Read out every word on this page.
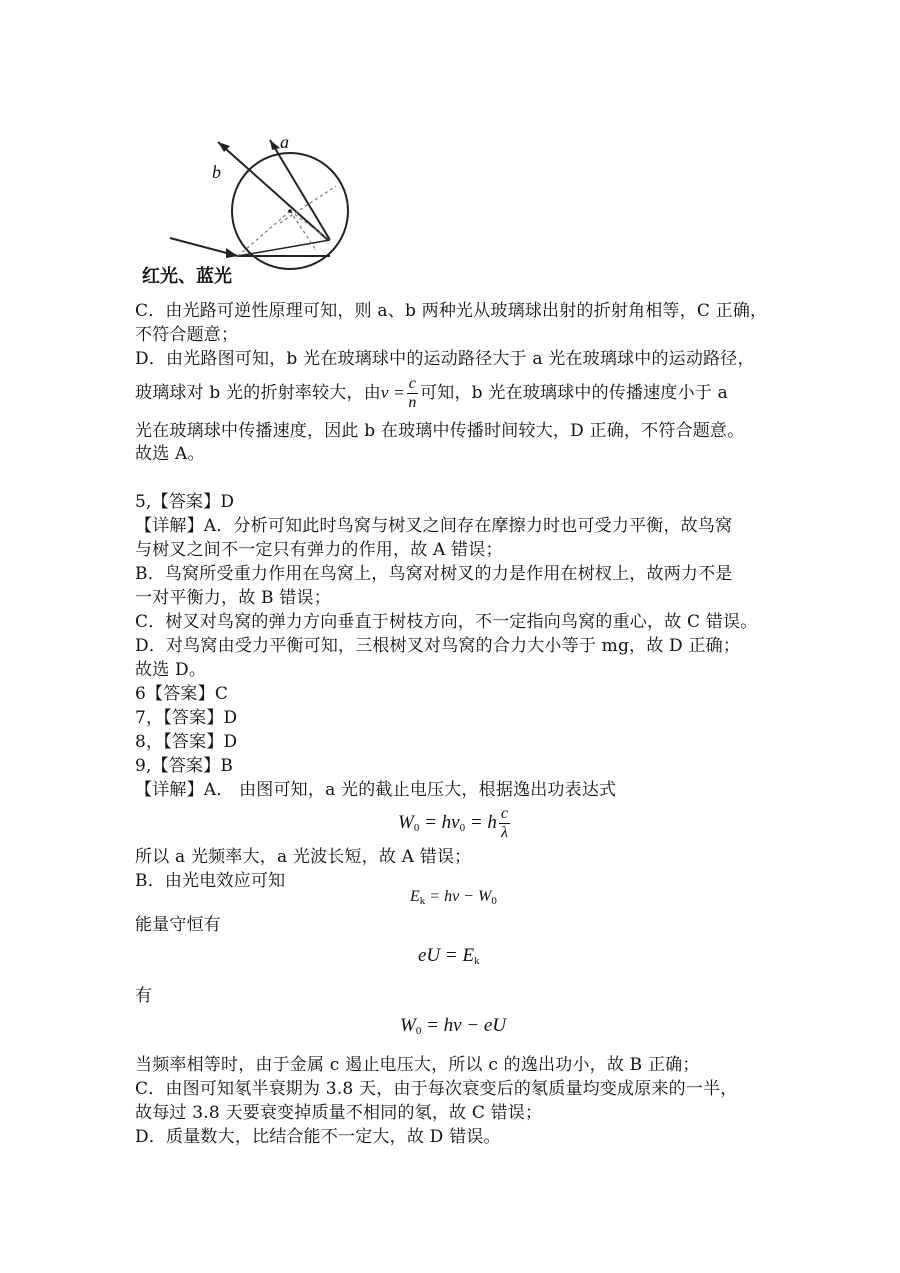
a
b
红光、蓝光
C．由光路可逆性原理可知，则 a、b 两种光从玻璃球出射的折射角相等，C 正确，
不符合题意；
D．由光路图可知，b 光在玻璃球中的运动路径大于 a 光在玻璃球中的运动路径，
玻璃球对 b 光的折射率较大，由$v = \frac{c}{n}$ 可知，b 光在玻璃球中的传播速度小于 a
光在玻璃球中传播速度，因此 b 在玻璃中传播时间较大，D 正确，不符合题意。
故选 A。
5,【答案】D
【详解】A．分析可知此时鸟窝与树叉之间存在摩擦力时也可受力平衡，故鸟窝
与树叉之间不一定只有弹力的作用，故 A 错误；
B．鸟窝所受重力作用在鸟窝上，鸟窝对树叉的力是作用在树杈上，故两力不是
一对平衡力，故 B 错误；
C．树叉对鸟窝的弹力方向垂直于树枝方向，不一定指向鸟窝的重心，故 C 错误。
D．对鸟窝由受力平衡可知，三根树叉对鸟窝的合力大小等于 mg，故 D 正确；
故选 D。
6【答案】C
7，【答案】D
8，【答案】D
9,【答案】B
【详解】A． 由图可知，a 光的截止电压大，根据逸出功表达式
$W_0 = h\nu_0 = h \frac{c}{\lambda}$
所以 a 光频率大，a 光波长短，故 A 错误；
B．由光电效应可知
$E_k = h\nu - W_0$
能量守恒有
eU = $E_k$
有
$W_0 = h\nu$ − eU
当频率相等时，由于金属 c 遏止电压大，所以 c 的逸出功小，故 B 正确；
C．由图可知氡半衰期为 3.8 天，由于每次衰变后的氡质量均变成原来的一半，
故每过 3.8 天要衰变掉质量不相同的氡，故 C 错误；
D．质量数大，比结合能不一定大，故 D 错误。
